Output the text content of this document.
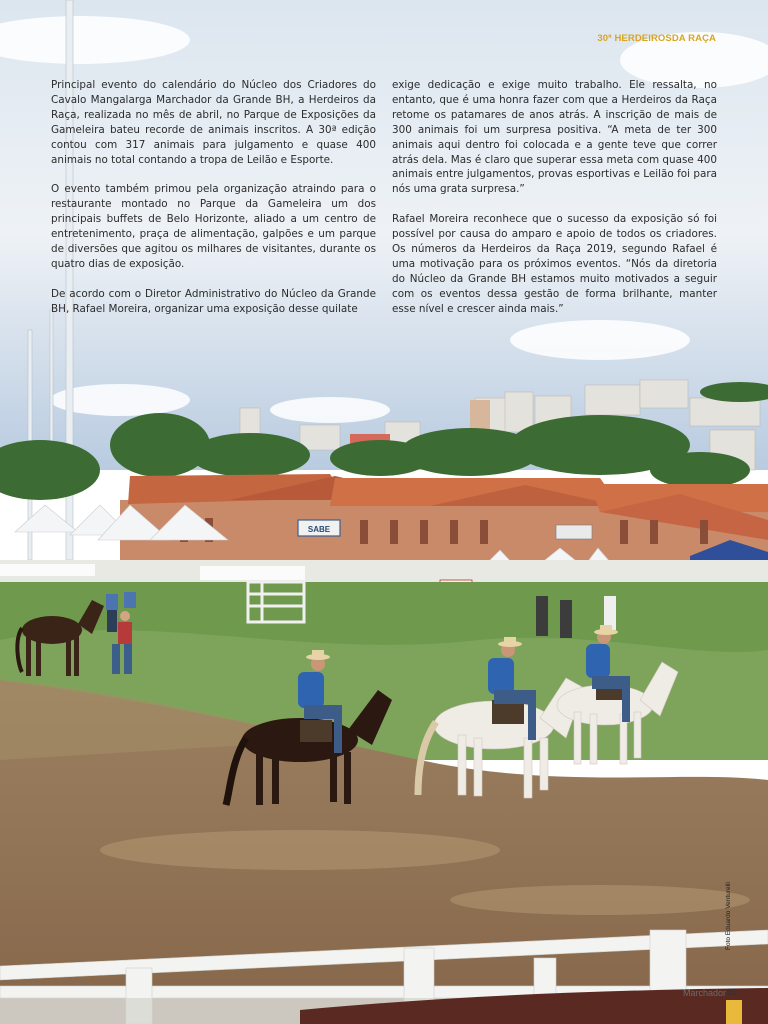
SABE
30ª HERDEIROSDA RAÇA

Principal evento do calendário do Núcleo dos Criadores do Cavalo Mangalarga Marchador da Grande BH, a Herdeiros da Raça, realizada no mês de abril, no Parque de Exposições da Gameleira bateu recorde de animais inscritos. A 30ª edição contou com 317 animais para julgamento e quase 400 animais no total contando a tropa de Leilão e Esporte.

O evento também primou pela organização atraindo para o restaurante montado no Parque da Gameleira um dos principais buffets de Belo Horizonte, aliado a um centro de entretenimento, praça de alimentação, galpões e um parque de diversões que agitou os milhares de visitantes, durante os quatro dias de exposição.

De acordo com o Diretor Administrativo do Núcleo da Grande BH, Rafael Moreira, organizar uma exposição desse quilate

exige dedicação e exige muito trabalho. Ele ressalta, no entanto, que é uma honra fazer com que a Herdeiros da Raça retome os patamares de anos atrás. A inscrição de mais de 300 animais foi um surpresa positiva. “A meta de ter 300 animais aqui dentro foi colocada e a gente teve que correr atrás dela. Mas é claro que superar essa meta com quase 400 animais entre julgamentos, provas esportivas e Leilão foi para nós uma grata surpresa.”

Rafael Moreira reconhece que o sucesso da exposição só foi possível por causa do amparo e apoio de todos os criadores. Os números da Herdeiros da Raça 2019, segundo Rafael é uma motivação para os próximos eventos. “Nós da diretoria do Núcleo da Grande BH estamos muito motivados a seguir com os eventos dessa gestão de forma brilhante, manter esse nível e crescer ainda mais.”

Foto Eduardo Venturelli
Marchador 95
